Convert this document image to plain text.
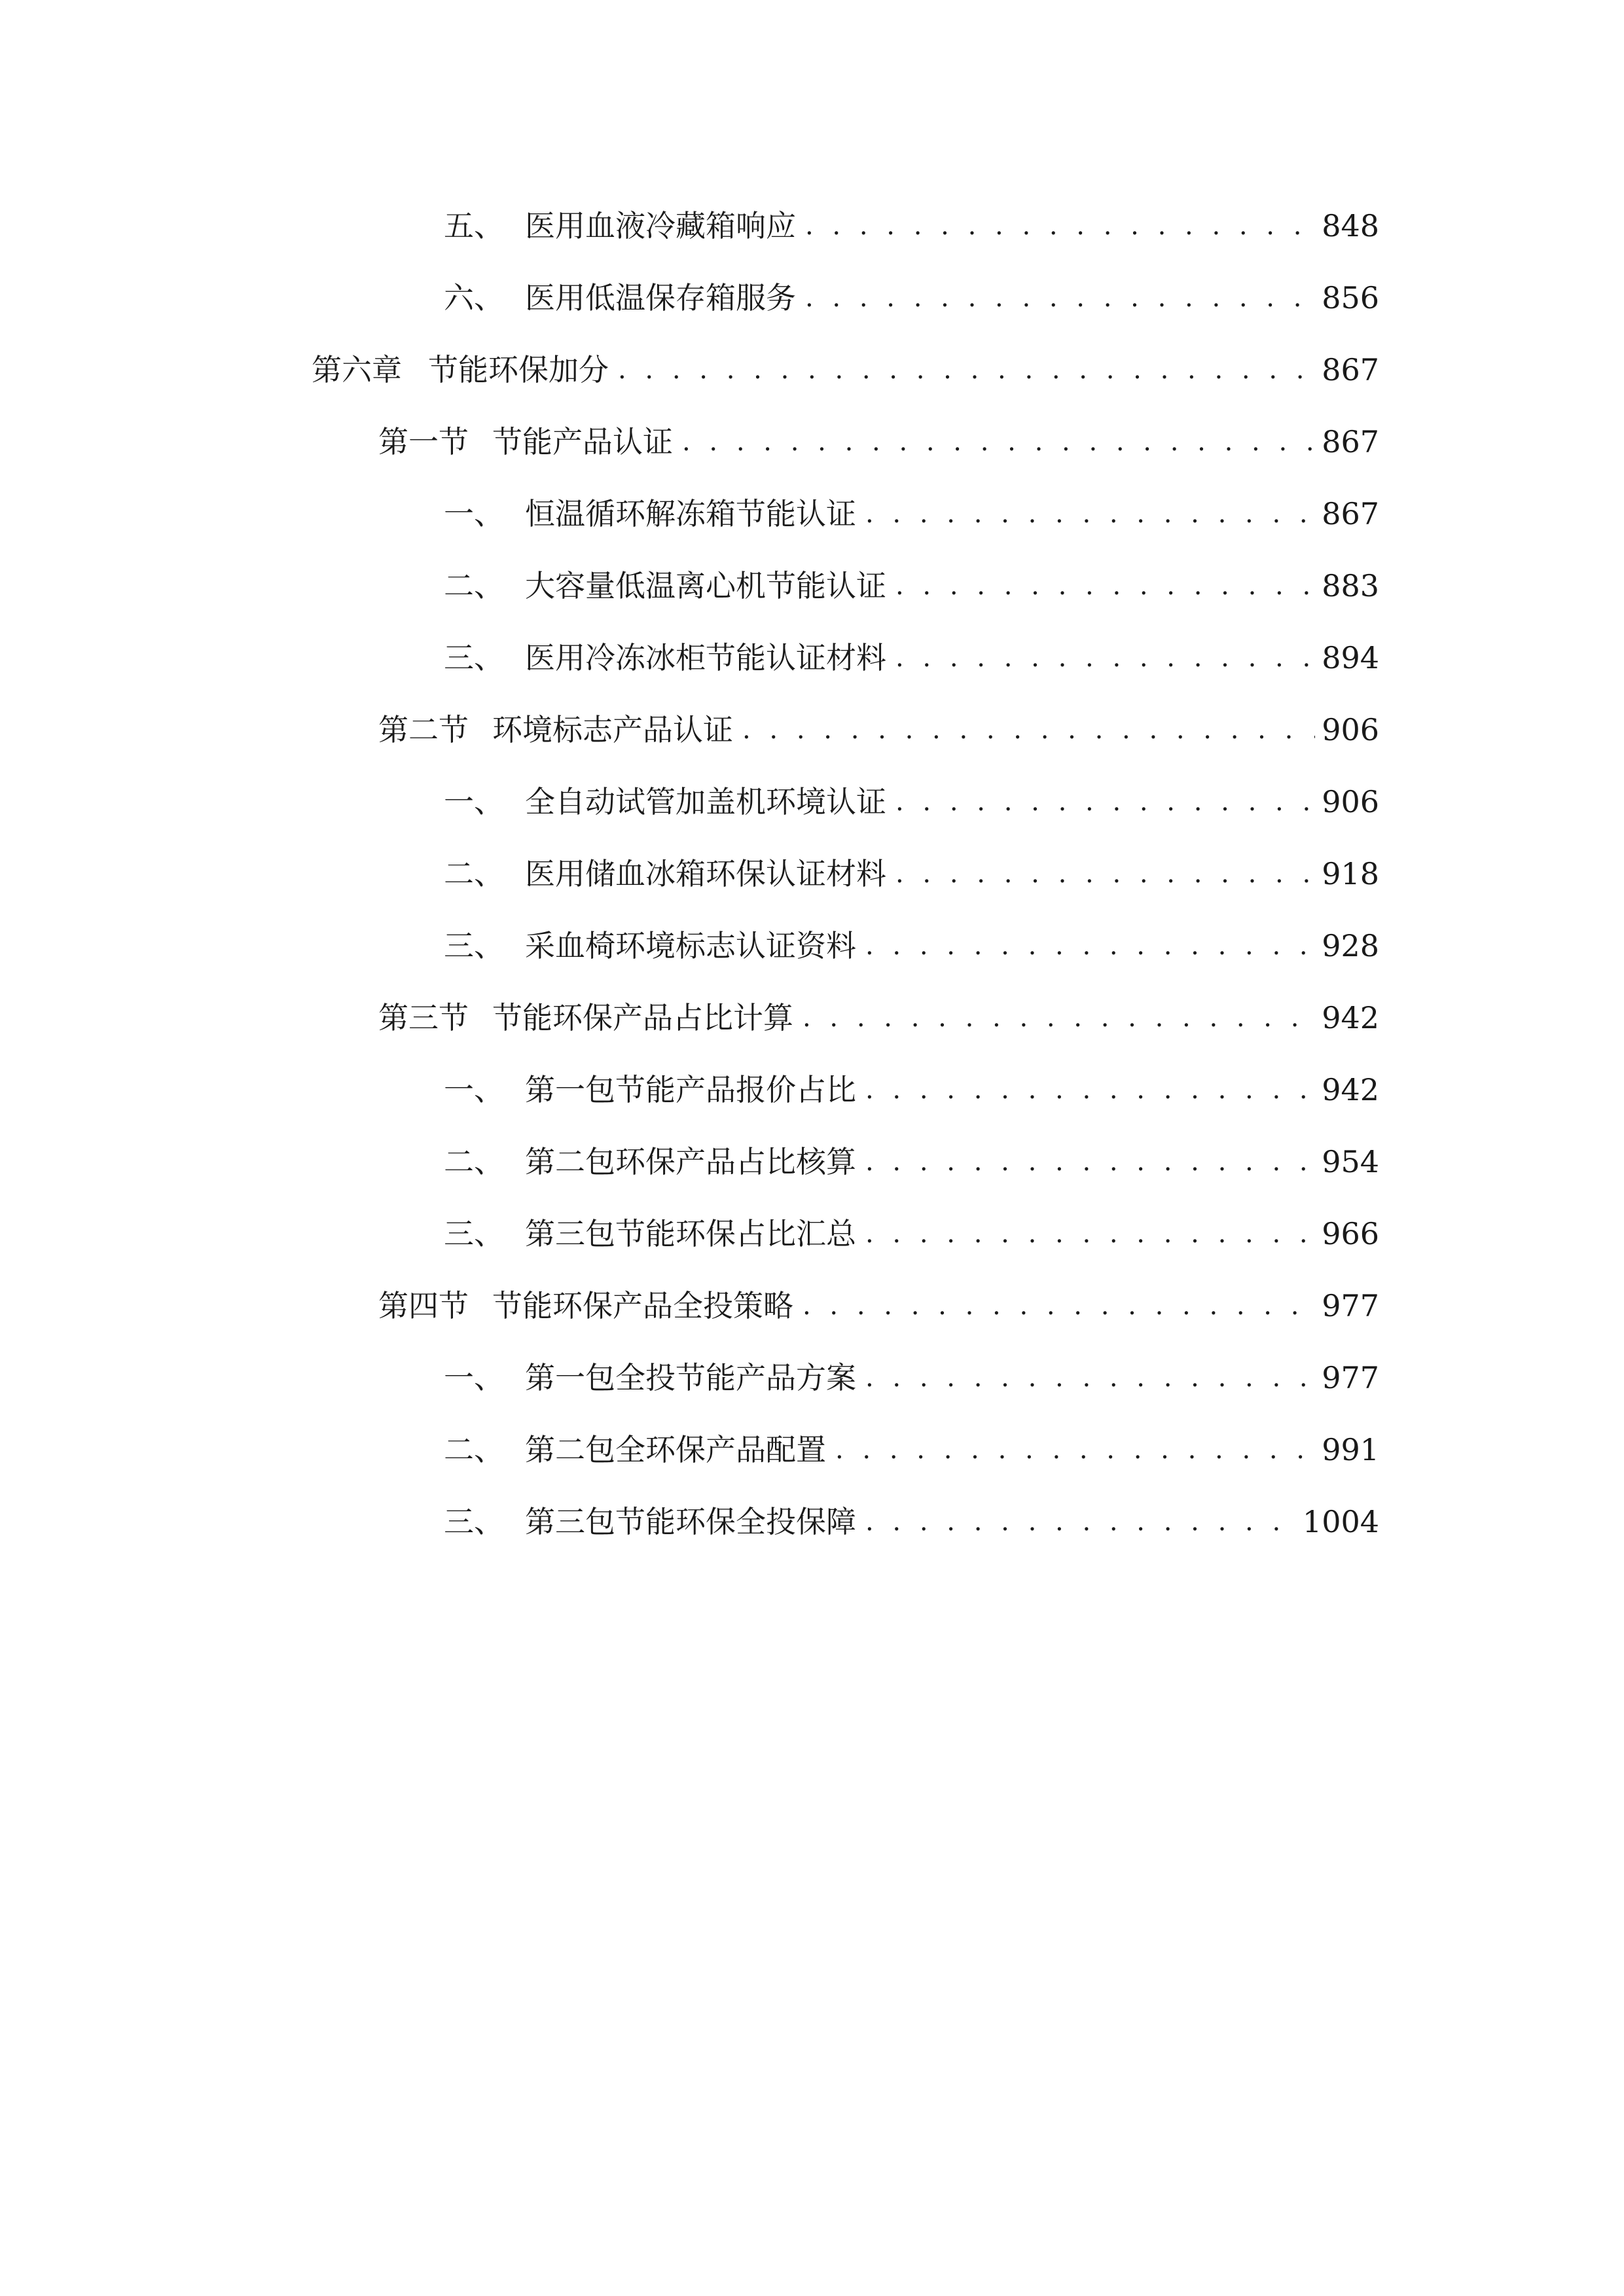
五、 医用血液冷藏箱响应 . . .	848
六、 医用低温保存箱服务 . . .	856
第六章 节能环保加分 . . .	867
第一节 节能产品认证 . . .	867
一、 恒温循环解冻箱节能认证 . . .	867
二、 大容量低温离心机节能认证 . . .	883
三、 医用冷冻冰柜节能认证材料 . . .	894
第二节 环境标志产品认证 . . .	906
一、 全自动试管加盖机环境认证 . . .	906
二、 医用储血冰箱环保认证材料 . . .	918
三、 采血椅环境标志认证资料 . . .	928
第三节 节能环保产品占比计算 . . .	942
一、 第一包节能产品报价占比 . . .	942
二、 第二包环保产品占比核算 . . .	954
三、 第三包节能环保占比汇总 . . .	966
第四节 节能环保产品全投策略 . . .	977
一、 第一包全投节能产品方案 . . .	977
二、 第二包全环保产品配置 . . .	991
三、 第三包节能环保全投保障 . . .	1004
